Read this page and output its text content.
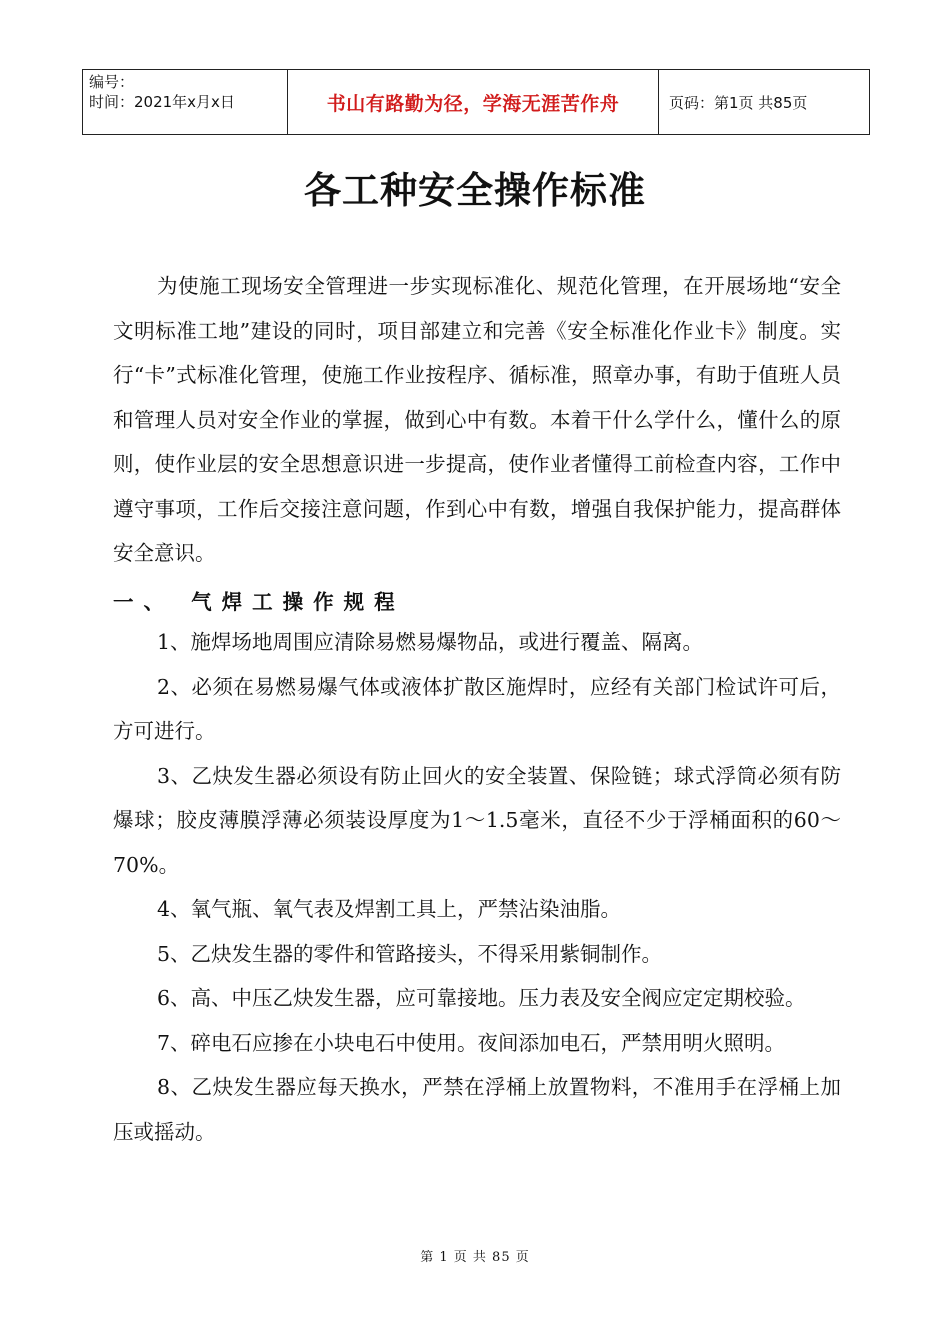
编号：
时间：2021年x月x日	书山有路勤为径，学海无涯苦作舟	页码：第1页 共85页
各工种安全操作标准

为使施工现场安全管理进一步实现标准化、规范化管理，在开展场地“安全文明标准工地”建设的同时，项目部建立和完善《安全标准化作业卡》制度。实行“卡”式标准化管理，使施工作业按程序、循标准，照章办事，有助于值班人员和管理人员对安全作业的掌握，做到心中有数。本着干什么学什么，懂什么的原则，使作业层的安全思想意识进一步提高，使作业者懂得工前检查内容，工作中遵守事项，工作后交接注意问题，作到心中有数，增强自我保护能力，提高群体安全意识。

一、 气焊工操作规程

1、施焊场地周围应清除易燃易爆物品，或进行覆盖、隔离。

2、必须在易燃易爆气体或液体扩散区施焊时，应经有关部门检试许可后，方可进行。

3、乙炔发生器必须设有防止回火的安全装置、保险链；球式浮筒必须有防爆球；胶皮薄膜浮薄必须装设厚度为1～1.5毫米，直径不少于浮桶面积的60～70%。

4、氧气瓶、氧气表及焊割工具上，严禁沾染油脂。

5、乙炔发生器的零件和管路接头，不得采用紫铜制作。

6、高、中压乙炔发生器，应可靠接地。压力表及安全阀应定定期校验。

7、碎电石应掺在小块电石中使用。夜间添加电石，严禁用明火照明。

8、乙炔发生器应每天换水，严禁在浮桶上放置物料，不准用手在浮桶上加压或摇动。

第 1 页 共 85 页
